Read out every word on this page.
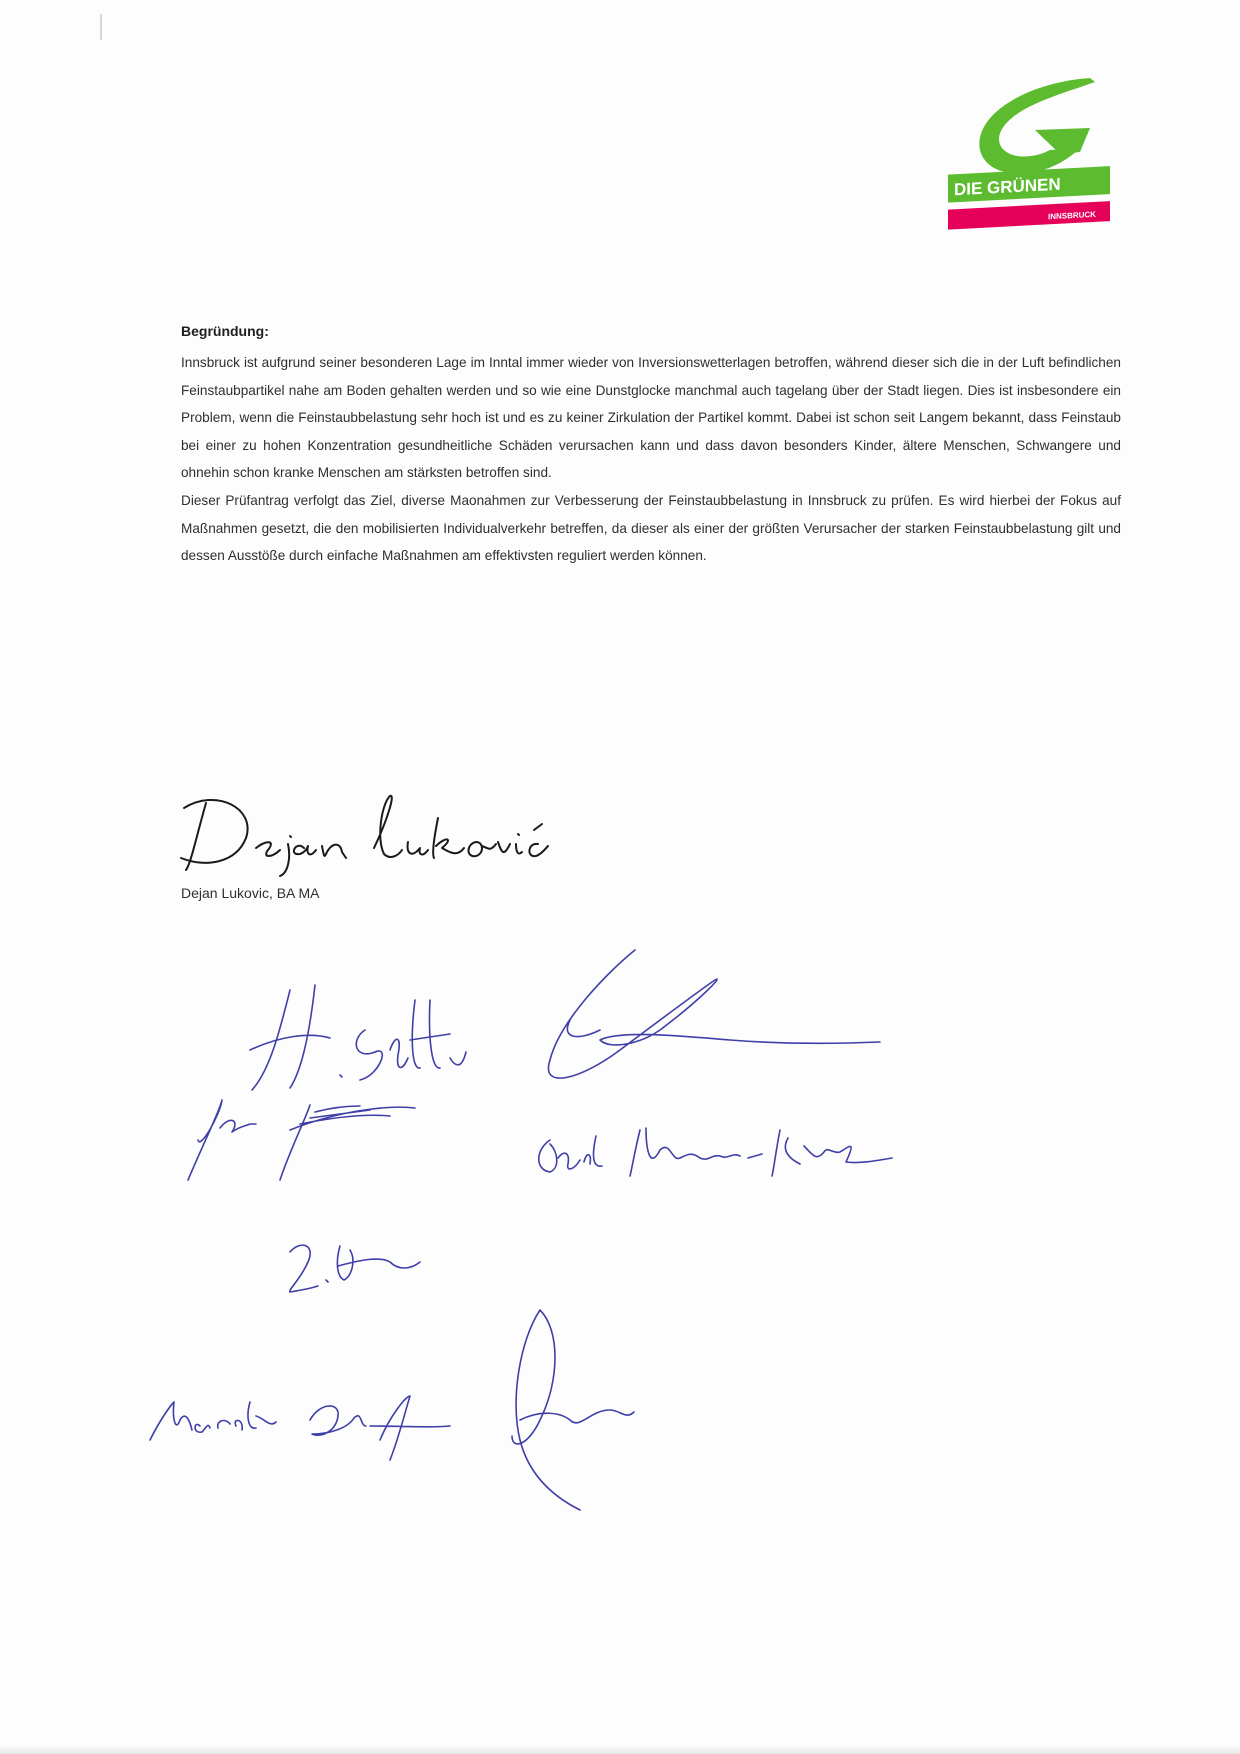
DIE GRÜNEN
INNSBRUCK
Begründung:

Innsbruck ist aufgrund seiner besonderen Lage im Inntal immer wieder von Inversionswetterlagen betroffen, während dieser sich die in der Luft befindlichen Feinstaubpartikel nahe am Boden gehalten werden und so wie eine Dunstglocke manchmal auch tagelang über der Stadt liegen. Dies ist insbesondere ein Problem, wenn die Feinstaubbelastung sehr hoch ist und es zu keiner Zirkulation der Partikel kommt. Dabei ist schon seit Langem bekannt, dass Feinstaub bei einer zu hohen Konzentration gesundheitliche Schäden verursachen kann und dass davon besonders Kinder, ältere Menschen, Schwangere und ohnehin schon kranke Menschen am stärksten betroffen sind.

Dieser Prüfantrag verfolgt das Ziel, diverse Maonahmen zur Verbesserung der Feinstaubbelastung in Innsbruck zu prüfen. Es wird hierbei der Fokus auf Maßnahmen gesetzt, die den mobilisierten Individualverkehr betreffen, da dieser als einer der größten Verursacher der starken Feinstaubbelastung gilt und dessen Ausstöße durch einfache Maßnahmen am effektivsten reguliert werden können.

Dejan Lukovic, BA MA
